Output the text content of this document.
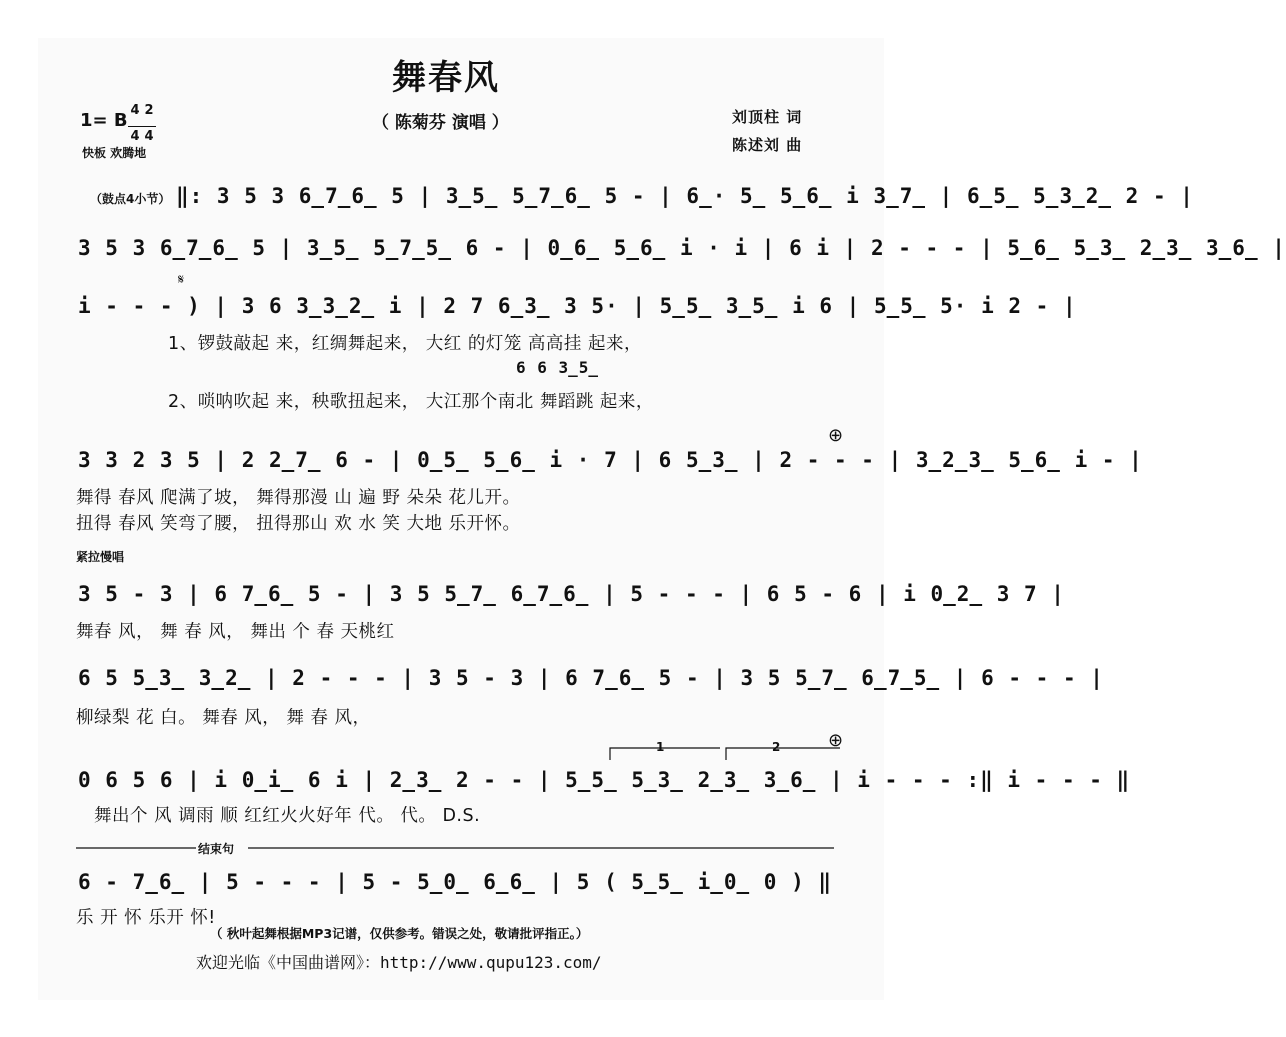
舞春风
（ 陈菊芬 演唱 ）
1= B 4 2

4 4
快板 欢腾地
刘顶柱 词
陈述刘 曲
（鼓点4小节） ‖: 3 5 3 6̲7̲6̲ 5 | 3̲5̲ 5̲7̲6̲ 5 - | 6̲· 5̲ 5̲6̲ i 3̲7̲ | 6̲5̲ 5̲3̲2̲ 2 - |
3 5 3 6̲7̲6̲ 5 | 3̲5̲ 5̲7̲5̲ 6 - | 0̲6̲ 5̲6̲ i · i | 6 i | 2 - - - | 5̲6̲ 5̲3̲ 2̲3̲ 3̲6̲ |
𝄋
i - - - ) | 3 6 3̲3̲2̲ i | 2 7 6̲3̲ 3 5· | 5̲5̲ 3̲5̲ i 6 | 5̲5̲ 5· i 2 - |
1、锣鼓敲起 来，红绸舞起来， 大红 的灯笼 高高挂 起来，
6 6 3̲5̲
2、唢呐吹起 来，秧歌扭起来， 大江那个南北 舞蹈跳 起来，
⊕
3 3 2 3 5 | 2 2̲7̲ 6 - | 0̲5̲ 5̲6̲ i · 7 | 6 5̲3̲ | 2 - - - | 3̲2̲3̲ 5̲6̲ i - |
舞得 春风 爬满了坡， 舞得那漫 山 遍 野 朵朵 花儿开。
扭得 春风 笑弯了腰， 扭得那山 欢 水 笑 大地 乐开怀。
紧拉慢唱
3 5 - 3 | 6 7̲6̲ 5 - | 3 5 5̲7̲ 6̲7̲6̲ | 5 - - - | 6 5 - 6 | i 0̲2̲ 3 7 |
舞春 风， 舞 春 风， 舞出 个 春 天桃红
6 5 5̲3̲ 3̲2̲ | 2 - - - | 3 5 - 3 | 6 7̲6̲ 5 - | 3 5 5̲7̲ 6̲7̲5̲ | 6 - - - |
柳绿梨 花 白。 舞春 风， 舞 春 风，
⊕
1	2
0 6 5 6 | i 0̲i̲ 6 i | 2̲3̲ 2 - - | 5̲5̲ 5̲3̲ 2̲3̲ 3̲6̲ | i - - - :‖ i - - - ‖
舞出个 风 调雨 顺 红红火火好年 代。 代。 D.S.
结束句
6 - 7̲6̲ | 5 - - - | 5 - 5̲0̲ 6̲6̲ | 5 ( 5̲5̲ i̲0̲ 0 ) ‖
乐 开 怀 乐开 怀!
（ 秋叶起舞根据MP3记谱，仅供参考。错误之处，敬请批评指正。）
欢迎光临《中国曲谱网》：http://www.qupu123.com/
